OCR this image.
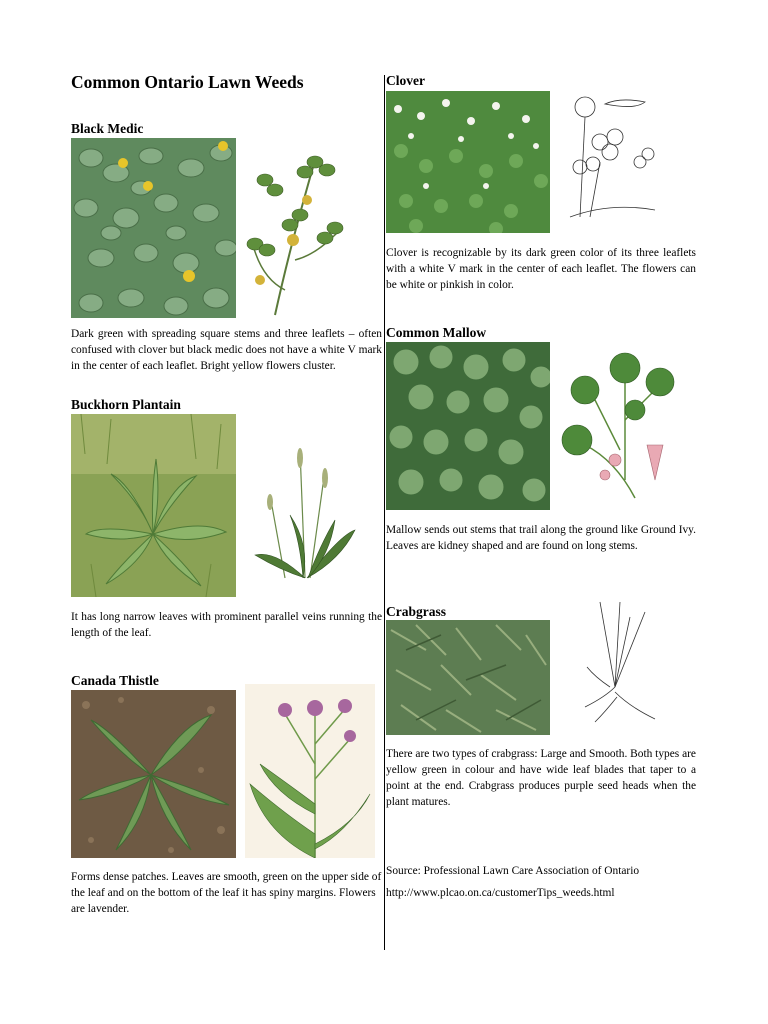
Common Ontario Lawn Weeds
Black Medic

Dark green with spreading square stems and three leaflets – often confused with clover but black medic does not have a white V mark in the center of each leaflet. Bright yellow flowers cluster.

Buckhorn Plantain

It has long narrow leaves with prominent parallel veins running the length of the leaf.

Canada Thistle

Forms dense patches. Leaves are smooth, green on the upper side of the leaf and on the bottom of the leaf it has spiny margins. Flowers are lavender.

Clover

Clover is recognizable by its dark green color of its three leaflets with a white V mark in the center of each leaflet. The flowers can be white or pinkish in color.

Common Mallow

Mallow sends out stems that trail along the ground like Ground Ivy. Leaves are kidney shaped and are found on long stems.

Crabgrass

There are two types of crabgrass: Large and Smooth. Both types are yellow green in colour and have wide leaf blades that taper to a point at the end. Crabgrass produces purple seed heads when the plant matures.

Source: Professional Lawn Care Association of Ontario

http://www.plcao.on.ca/customerTips_weeds.html
